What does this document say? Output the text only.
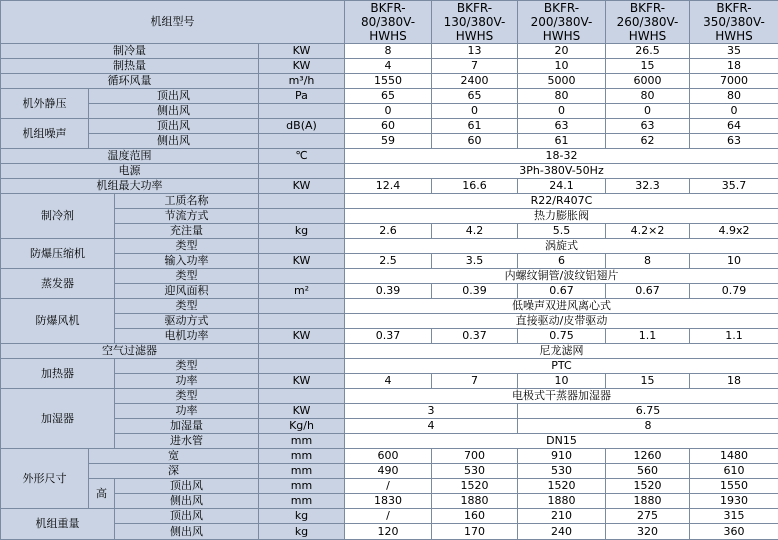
机组型号				BKFR-80/380V-HWHS	BKFR-130/380V-HWHS	BKFR-200/380V-HWHS	BKFR-260/380V-HWHS	BKFR-350/380V-HWHS
制冷量			KW	8	13	20	26.5	35
制热量			KW	4	7	10	15	18
循环风量			m³/h	1550	2400	5000	6000	7000
机外静压	顶出风		Pa	65	65	80	80	80
	侧出风			0	0	0	0	0
机组噪声	顶出风		dB(A)	60	61	63	63	64
	侧出风			59	60	61	62	63
温度范围			℃	18-32				
电源				3Ph-380V-50Hz				
机组最大功率			KW	12.4	16.6	24.1	32.3	35.7
制冷剂		工质名称		R22/R407C				
		节流方式		热力膨胀阀				
		充注量	kg	2.6	4.2	5.5	4.2×2	4.9x2
防爆压缩机		类型		涡旋式				
		输入功率	KW	2.5	3.5	6	8	10
蒸发器		类型		内螺纹铜管/波纹铝翅片				
		迎风面积	m²	0.39	0.39	0.67	0.67	0.79
防爆风机		类型		低噪声双进风离心式				
		驱动方式		直接驱动/皮带驱动				
		电机功率	KW	0.37	0.37	0.75	1.1	1.1
空气过滤器				尼龙滤网				
加热器		类型		PTC				
		功率	KW	4	7	10	15	18
加湿器		类型		电极式干蒸器加湿器				
		功率	KW	3		6.75		
		加湿量	Kg/h	4		8		
		进水管	mm	DN15				
外形尺寸	宽		mm	600	700	910	1260	1480
	深		mm	490	530	530	560	610
	高	顶出风	mm	/	1520	1520	1520	1550
		侧出风	mm	1830	1880	1880	1880	1930
机组重量		顶出风	kg	/	160	210	275	315
		侧出风	kg	120	170	240	320	360
